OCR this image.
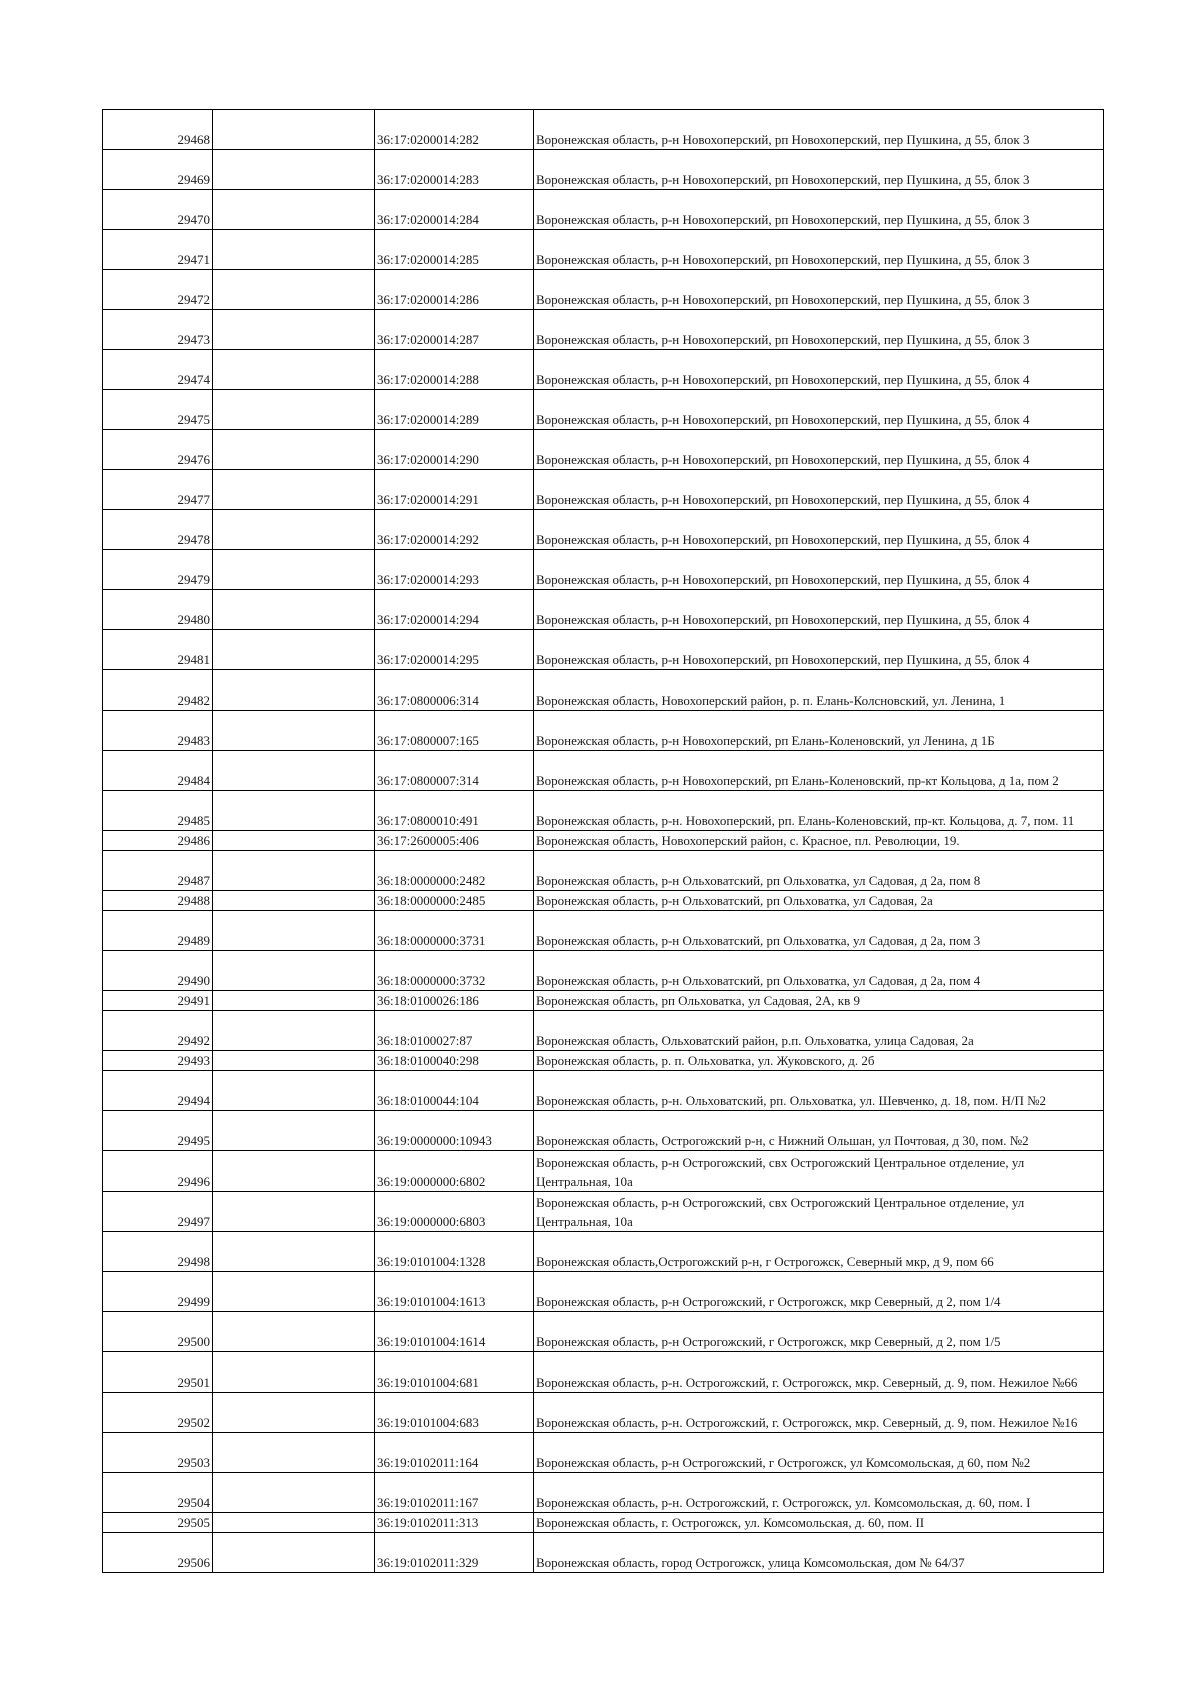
29468		36:17:0200014:282	Воронежская область, р-н Новохоперский, рп Новохоперский, пер Пушкина, д 55, блок 3
29469		36:17:0200014:283	Воронежская область, р-н Новохоперский, рп Новохоперский, пер Пушкина, д 55, блок 3
29470		36:17:0200014:284	Воронежская область, р-н Новохоперский, рп Новохоперский, пер Пушкина, д 55, блок 3
29471		36:17:0200014:285	Воронежская область, р-н Новохоперский, рп Новохоперский, пер Пушкина, д 55, блок 3
29472		36:17:0200014:286	Воронежская область, р-н Новохоперский, рп Новохоперский, пер Пушкина, д 55, блок 3
29473		36:17:0200014:287	Воронежская область, р-н Новохоперский, рп Новохоперский, пер Пушкина, д 55, блок 3
29474		36:17:0200014:288	Воронежская область, р-н Новохоперский, рп Новохоперский, пер Пушкина, д 55, блок 4
29475		36:17:0200014:289	Воронежская область, р-н Новохоперский, рп Новохоперский, пер Пушкина, д 55, блок 4
29476		36:17:0200014:290	Воронежская область, р-н Новохоперский, рп Новохоперский, пер Пушкина, д 55, блок 4
29477		36:17:0200014:291	Воронежская область, р-н Новохоперский, рп Новохоперский, пер Пушкина, д 55, блок 4
29478		36:17:0200014:292	Воронежская область, р-н Новохоперский, рп Новохоперский, пер Пушкина, д 55, блок 4
29479		36:17:0200014:293	Воронежская область, р-н Новохоперский, рп Новохоперский, пер Пушкина, д 55, блок 4
29480		36:17:0200014:294	Воронежская область, р-н Новохоперский, рп Новохоперский, пер Пушкина, д 55, блок 4
29481		36:17:0200014:295	Воронежская область, р-н Новохоперский, рп Новохоперский, пер Пушкина, д 55, блок 4
29482		36:17:0800006:314	Воронежская область, Новохоперский район, р. п. Елань-Колсновский, ул. Ленина, 1
29483		36:17:0800007:165	Воронежская область, р-н Новохоперский, рп Елань-Коленовский, ул Ленина, д 1Б
29484		36:17:0800007:314	Воронежская область, р-н Новохоперский, рп Елань-Коленовский, пр-кт Кольцова, д 1а, пом 2
29485		36:17:0800010:491	Воронежская область, р-н. Новохоперский, рп. Елань-Коленовский, пр-кт. Кольцова, д. 7, пом. 11
29486		36:17:2600005:406	Воронежская область, Новохоперский район, с. Красное, пл. Революции, 19.
29487		36:18:0000000:2482	Воронежская область, р-н Ольховатский, рп Ольховатка, ул Садовая, д 2а, пом 8
29488		36:18:0000000:2485	Воронежская область, р-н Ольховатский, рп Ольховатка, ул Садовая, 2а
29489		36:18:0000000:3731	Воронежская область, р-н Ольховатский, рп Ольховатка, ул Садовая, д 2а, пом 3
29490		36:18:0000000:3732	Воронежская область, р-н Ольховатский, рп Ольховатка, ул Садовая, д 2а, пом 4
29491		36:18:0100026:186	Воронежская область, рп Ольховатка, ул Садовая, 2А, кв 9
29492		36:18:0100027:87	Воронежская область, Ольховатский район, р.п. Ольховатка, улица Садовая, 2а
29493		36:18:0100040:298	Воронежская область, р. п. Ольховатка, ул. Жуковского, д. 2б
29494		36:18:0100044:104	Воронежская область, р-н. Ольховатский, рп. Ольховатка, ул. Шевченко, д. 18, пом. Н/П №2
29495		36:19:0000000:10943	Воронежская область, Острогожский р-н, с Нижний Ольшан, ул Почтовая, д 30, пом. №2
29496		36:19:0000000:6802	Воронежская область, р-н Острогожский, свх Острогожский Центральное отделение, ул Центральная, 10а
29497		36:19:0000000:6803	Воронежская область, р-н Острогожский, свх Острогожский Центральное отделение, ул Центральная, 10а
29498		36:19:0101004:1328	Воронежская область,Острогожский р-н, г Острогожск, Северный мкр, д 9, пом 66
29499		36:19:0101004:1613	Воронежская область, р-н Острогожский, г Острогожск, мкр Северный, д 2, пом 1/4
29500		36:19:0101004:1614	Воронежская область, р-н Острогожский, г Острогожск, мкр Северный, д 2, пом 1/5
29501		36:19:0101004:681	Воронежская область, р-н. Острогожский, г. Острогожск, мкр. Северный, д. 9, пом. Нежилое №66
29502		36:19:0101004:683	Воронежская область, р-н. Острогожский, г. Острогожск, мкр. Северный, д. 9, пом. Нежилое №16
29503		36:19:0102011:164	Воронежская область, р-н Острогожский, г Острогожск, ул Комсомольская, д 60, пом №2
29504		36:19:0102011:167	Воронежская область, р-н. Острогожский, г. Острогожск, ул. Комсомольская, д. 60, пом. I
29505		36:19:0102011:313	Воронежская область, г. Острогожск, ул. Комсомольская, д. 60, пом. II
29506		36:19:0102011:329	Воронежская область, город Острогожск, улица Комсомольская, дом № 64/37
